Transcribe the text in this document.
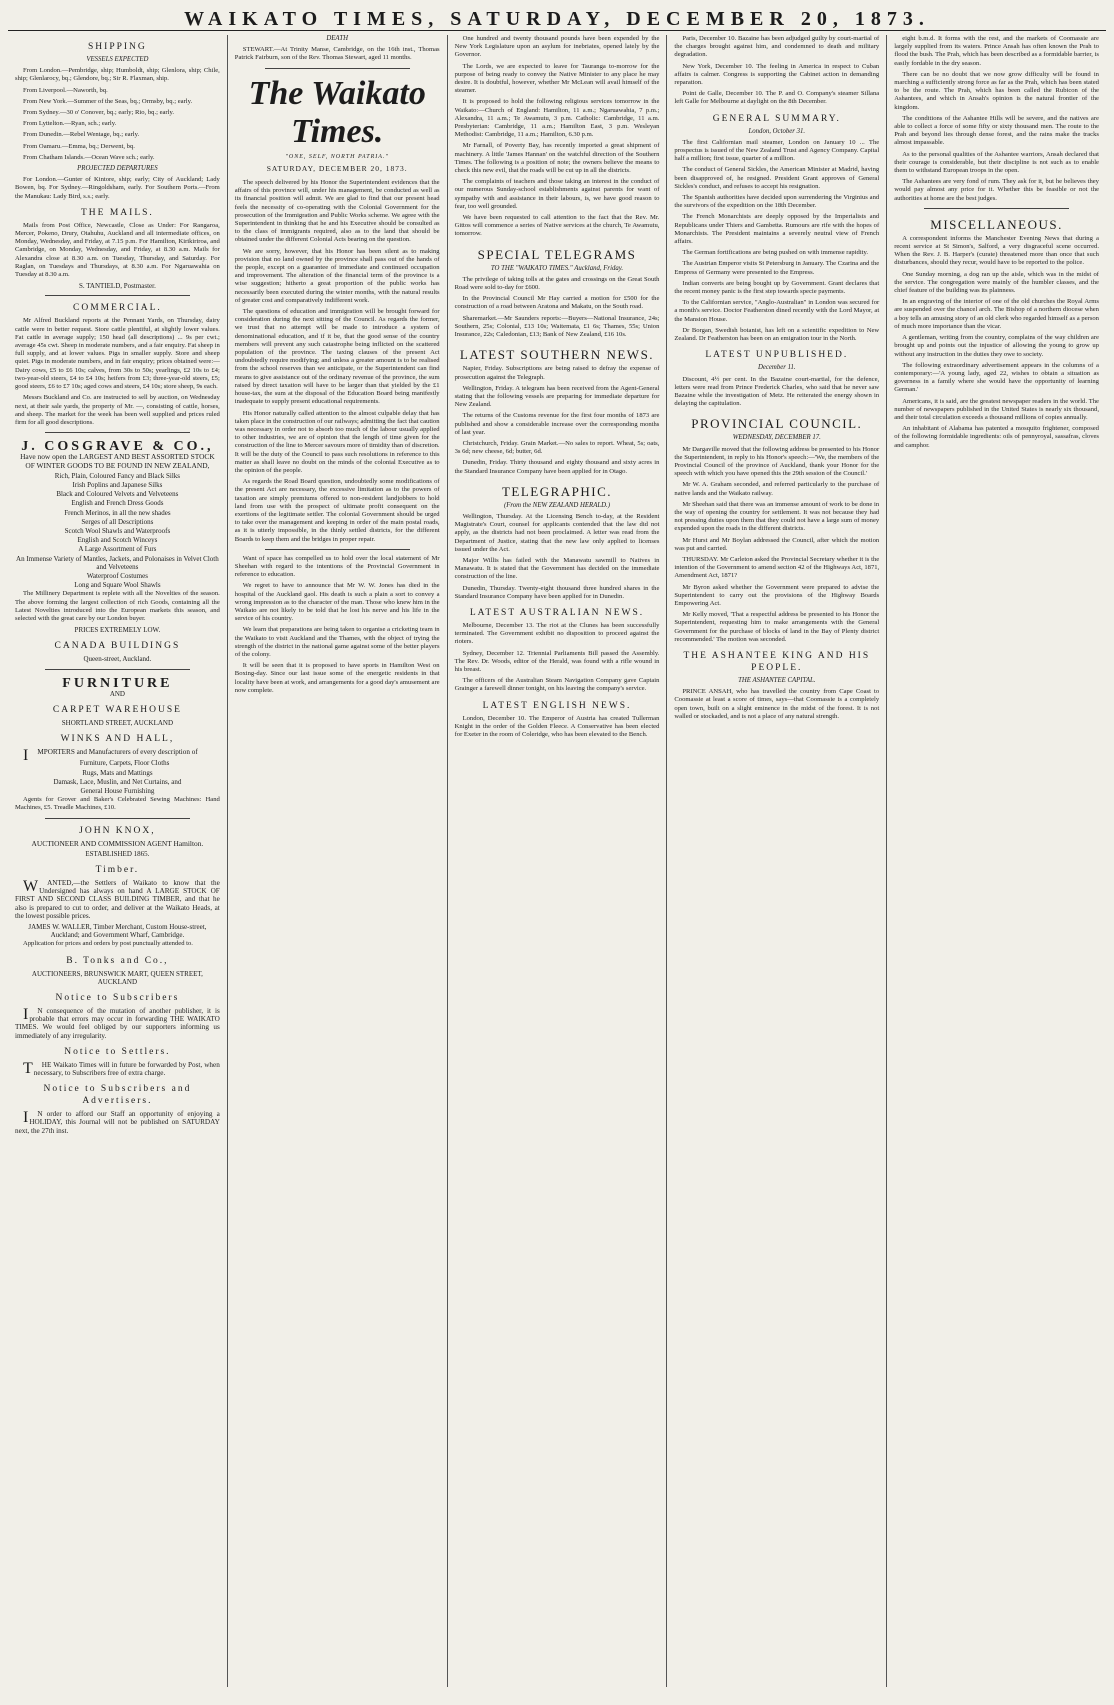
WAIKATO TIMES, SATURDAY, DECEMBER 20, 1873.
SHIPPING
VESSELS EXPECTED

From London.—Pembridge, ship; Humboldt, ship; Glenlora, ship; Chile, ship; Glenlarocy, bq.; Glendore, bq.; Sir R. Flaxman, ship.

From Liverpool.—Naworth, bq.

From New York.—Summer of the Seas, bq.; Ormsby, bq.; early.

From Sydney.—30 o' Conover, bq.; early; Rio, bq.; early.

From Lyttelton.—Ryan, sch.; early.

From Dunedin.—Rebel Wentage, bq.; early.

From Oamaru.—Emma, bq.; Derwent, bq.

From Chatham Islands.—Ocean Wave sch.; early.

PROJECTED DEPARTURES

For London.—Gunter of Kintore, ship; early; City of Auckland; Lady Bowen, bq. For Sydney.—Ringoldsham, early. For Southern Ports.—From the Manukau: Lady Bird, s.s.; early.

THE MAILS.

Mails from Post Office, Newcastle, Close as Under: For Rangaroa, Mercer, Pokeno, Drury, Otahuhu, Auckland and all intermediate offices, on Monday, Wednesday, and Friday, at 7.15 p.m. For Hamilton, Kirikiriroa, and Cambridge, on Monday, Wednesday, and Friday, at 8.30 a.m. Mails for Alexandra close at 8.30 a.m. on Tuesday, Thursday, and Saturday. For Raglan, on Tuesdays and Thursdays, at 8.30 a.m. For Ngaruawahia on Tuesday at 8.30 a.m.

S. TANTIELD, Postmaster.
COMMERCIAL.

Mr Alfred Buckland reports at the Pennant Yards, on Thursday, dairy cattle were in better request. Store cattle plentiful, at slightly lower values. Fat cattle in average supply; 150 head (all descriptions) ... 9s per cwt.; average 45s cwt. Sheep in moderate numbers, and a fair enquiry. Fat sheep in full supply, and at lower values. Pigs in smaller supply. Store and sheep quiet. Pigs in moderate numbers, and in fair enquiry; prices obtained were:—Dairy cows, £5 to £6 10s; calves, from 30s to 50s; yearlings, £2 10s to £4; two-year-old steers, £4 to £4 10s; heifers from £3; three-year-old steers, £5; good steers, £6 to £7 10s; aged cows and steers, £4 10s; store sheep, 9s each.

Messrs Buckland and Co. are instructed to sell by auction, on Wednesday next, at their sale yards, the property of Mr. —, consisting of cattle, horses, and sheep. The market for the week has been well supplied and prices ruled firm for all good descriptions.

J. COSGRAVE & CO.,
Have now open the LARGEST AND BEST ASSORTED STOCK OF WINTER GOODS TO BE FOUND IN NEW ZEALAND,
Rich, Plain, Coloured Fancy and Black Silks
Irish Poplins and Japanese Silks
Black and Coloured Velvets and Velveteens
English and French Dress Goods
French Merinos, in all the new shades
Serges of all Descriptions
Scotch Wool Shawls and Waterproofs
English and Scotch Winceys
A Large Assortment of Furs
An Immense Variety of Mantles, Jackets, and Polonaises in Velvet Cloth and Velveteens
Waterproof Costumes
Long and Square Wool Shawls

The Millinery Department is replete with all the Novelties of the season. The above forming the largest collection of rich Goods, containing all the Latest Novelties introduced into the European markets this season, and selected with the great care by our London buyer.

PRICES EXTREMELY LOW.
CANADA BUILDINGS
Queen-street, Auckland.
FURNITURE
AND
CARPET WAREHOUSE
SHORTLAND STREET, AUCKLAND
WINKS AND HALL,

IMPORTERS and Manufacturers of every description of

Furniture, Carpets, Floor Cloths
Rugs, Mats and Mattings
Damask, Lace, Muslin, and Net Curtains, and
General House Furnishing

Agents for Grover and Baker's Celebrated Sewing Machines: Hand Machines, £5. Treadle Machines, £10.

JOHN KNOX,
AUCTIONEER AND COMMISSION AGENT Hamilton.
ESTABLISHED 1865.
Timber.

WANTED,—the Settlers of Waikato to know that the Undersigned has always on hand A LARGE STOCK OF FIRST AND SECOND CLASS BUILDING TIMBER, and that he also is prepared to cut to order, and deliver at the Waikato Heads, at the lowest possible prices.

JAMES W. WALLER, Timber Merchant, Custom House-street, Auckland; and Government Wharf, Cambridge.

Application for prices and orders by post punctually attended to.

B. Tonks and Co.,
AUCTIONEERS, BRUNSWICK MART, QUEEN STREET, AUCKLAND
Notice to Subscribers

IN consequence of the mutation of another publisher, it is probable that errors may occur in forwarding THE WAIKATO TIMES. We would feel obliged by our supporters informing us immediately of any irregularity.

Notice to Settlers.

THE Waikato Times will in future be forwarded by Post, when necessary, to Subscribers free of extra charge.

Notice to Subscribers and Advertisers.

IN order to afford our Staff an opportunity of enjoying a HOLIDAY, this Journal will not be published on SATURDAY next, the 27th inst.

DEATH

STEWART.—At Trinity Manse, Cambridge, on the 16th inst., Thomas Patrick Fairburn, son of the Rev. Thomas Stewart, aged 11 months.

The Waikato Times.
"ONE, SELF, NORTH PATRIA."
SATURDAY, DECEMBER 20, 1873.

The speech delivered by his Honor the Superintendent evidences that the affairs of this province will, under his management, be conducted as well as its financial position will admit. We are glad to find that our present head feels the necessity of co-operating with the Colonial Government for the prosecution of the Immigration and Public Works scheme. We agree with the Superintendent in thinking that he and his Executive should be consulted as to the class of immigrants required, also as to the land that should be obtained under the different Colonial Acts bearing on the question.

We are sorry, however, that his Honor has been silent as to making provision that no land owned by the province shall pass out of the hands of the people, except on a guarantee of immediate and continued occupation and improvement. The alteration of the financial term of the province is a wise suggestion; hitherto a great proportion of the public works has necessarily been executed during the winter months, with the natural results of greater cost and comparatively indifferent work.

The questions of education and immigration will be brought forward for consideration during the next sitting of the Council. As regards the former, we trust that no attempt will be made to introduce a system of denominational education, and if it be, that the good sense of the country members will prevent any such catastrophe being inflicted on the scattered population of the province. The taxing clauses of the present Act undoubtedly require modifying; and unless a greater amount is to be realised from the school reserves than we anticipate, or the Superintendent can find means to give assistance out of the ordinary revenue of the province, the sum raised by direct taxation will have to be larger than that yielded by the £1 house-tax, the sum at the disposal of the Education Board being manifestly inadequate to supply present educational requirements.

His Honor naturally called attention to the almost culpable delay that has taken place in the construction of our railways; admitting the fact that caution was necessary in order not to absorb too much of the labour usually applied to other industries, we are of opinion that the length of time given for the construction of the line to Mercer savours more of timidity than of discretion. It will be the duty of the Council to pass such resolutions in reference to this matter as shall leave no doubt on the minds of the colonial Executive as to the opinion of the people.

As regards the Road Board question, undoubtedly some modifications of the present Act are necessary, the excessive limitation as to the powers of taxation are simply premiums offered to non-resident landjobbers to hold land from use with the prospect of ultimate profit consequent on the exertions of the legitimate settler. The colonial Government should be urged to take over the management and keeping in order of the main postal roads, as it is utterly impossible, in the thinly settled districts, for the different Boards to keep them and the bridges in proper repair.

Want of space has compelled us to hold over the local statement of Mr Sheehan with regard to the intentions of the Provincial Government in reference to education.

We regret to have to announce that Mr W. W. Jones has died in the hospital of the Auckland gaol. His death is such a plain a sort to convey a wrong impression as to the character of the man. Those who knew him in the Waikato are not likely to be told that he lost his nerve and his life in the service of his country.

We learn that preparations are being taken to organise a cricketing team in the Waikato to visit Auckland and the Thames, with the object of trying the strength of the district in the national game against some of the better players of the colony.

It will be seen that it is proposed to have sports in Hamilton West on Boxing-day. Since our last issue some of the energetic residents in that locality have been at work, and arrangements for a good day's amusement are now complete.

One hundred and twenty thousand pounds have been expended by the New York Legislature upon an asylum for inebriates, opened lately by the Governor.

The Lords, we are expected to leave for Tauranga to-morrow for the purpose of being ready to convey the Native Minister to any place he may desire. It is doubtful, however, whether Mr McLean will avail himself of the steamer.

It is proposed to hold the following religious services tomorrow in the Waikato:—Church of England: Hamilton, 11 a.m.; Ngaruawahia, 7 p.m.; Alexandra, 11 a.m.; Te Awamutu, 3 p.m. Catholic: Cambridge, 11 a.m. Presbyterian: Cambridge, 11 a.m.; Hamilton East, 3 p.m. Wesleyan Methodist: Cambridge, 11 a.m.; Hamilton, 6.30 p.m.

Mr Farnall, of Poverty Bay, has recently imported a great shipment of machinery. A little 'James Hannan' on the watchful direction of the Southern Times. The following is a position of note; the owners believe the means to check this new evil, that the roads will be cut up in all the districts.

The complaints of teachers and those taking an interest in the conduct of our numerous Sunday-school establishments against parents for want of sympathy with and assistance in their labours, is, we have good reason to fear, too well grounded.

We have been requested to call attention to the fact that the Rev. Mr. Gittos will commence a series of Native services at the church, Te Awamutu, tomorrow.

SPECIAL TELEGRAMS
TO THE "WAIKATO TIMES." Auckland, Friday.

The privilege of taking tolls at the gates and crossings on the Great South Road were sold to-day for £600.

In the Provincial Council Mr Hay carried a motion for £500 for the construction of a road between Aratona and Makatu, on the South road.

Sharemarket.—Mr Saunders reports:—Buyers—National Insurance, 24s; Southern, 25s; Colonial, £13 10s; Waitemata, £1 6s; Thames, 55s; Union Insurance, 22s; Caledonian, £13; Bank of New Zealand, £16 10s.

LATEST SOUTHERN NEWS.

Napier, Friday. Subscriptions are being raised to defray the expense of prosecution against the Telegraph.

Wellington, Friday. A telegram has been received from the Agent-General stating that the following vessels are preparing for immediate departure for New Zealand.

The returns of the Customs revenue for the first four months of 1873 are published and show a considerable increase over the corresponding months of last year.

Christchurch, Friday. Grain Market.—No sales to report. Wheat, 5s; oats, 3s 6d; new cheese, 6d; butter, 6d.

Dunedin, Friday. Thirty thousand and eighty thousand and sixty acres in the Standard Insurance Company have been applied for in Otago.

TELEGRAPHIC.
(From the NEW ZEALAND HERALD.)

Wellington, Thursday. At the Licensing Bench to-day, at the Resident Magistrate's Court, counsel for applicants contended that the law did not apply, as the districts had not been proclaimed. A letter was read from the Department of Justice, stating that the new law only applied to licenses issued under the Act.

Major Willis has failed with the Manawatu sawmill to Natives in Manawatu. It is stated that the Government has decided on the immediate construction of the line.

Dunedin, Thursday. Twenty-eight thousand three hundred shares in the Standard Insurance Company have been applied for in Dunedin.

LATEST AUSTRALIAN NEWS.

Melbourne, December 13. The riot at the Clunes has been successfully terminated. The Government exhibit no disposition to proceed against the rioters.

Sydney, December 12. Triennial Parliaments Bill passed the Assembly. The Rev. Dr. Woods, editor of the Herald, was found with a rifle wound in his breast.

The officers of the Australian Steam Navigation Company gave Captain Grainger a farewell dinner tonight, on his leaving the company's service.

LATEST ENGLISH NEWS.

London, December 10. The Emperor of Austria has created Tullerman Knight in the order of the Golden Fleece. A Conservative has been elected for Exeter in the room of Coleridge, who has been elevated to the Bench.

Paris, December 10. Bazaine has been adjudged guilty by court-martial of the charges brought against him, and condemned to death and military degradation.

New York, December 10. The feeling in America in respect to Cuban affairs is calmer. Congress is supporting the Cabinet action in demanding reparation.

Point de Galle, December 10. The P. and O. Company's steamer Sillana left Galle for Melbourne at daylight on the 8th December.

GENERAL SUMMARY.
London, October 31.

The first Californian mail steamer, London on January 10 ... The prospectus is issued of the New Zealand Trust and Agency Company. Capital half a million; first issue, quarter of a million.

The conduct of General Sickles, the American Minister at Madrid, having been disapproved of, he resigned. President Grant approves of General Sickles's conduct, and refuses to accept his resignation.

The Spanish authorities have decided upon surrendering the Virginius and the survivors of the expedition on the 18th December.

The French Monarchists are deeply opposed by the Imperialists and Republicans under Thiers and Gambetta. Rumours are rife with the hopes of Monarchists. The President maintains a severely neutral view of French affairs.

The German fortifications are being pushed on with immense rapidity.

The Austrian Emperor visits St Petersburg in January. The Czarina and the Empress of Germany were presented to the Empress.

Indian converts are being bought up by Government. Grant declares that the recent money panic is the first step towards specie payments.

To the Californian service, "Anglo-Australian" in London was secured for a month's service. Doctor Featherston dined recently with the Lord Mayor, at the Mansion House.

Dr Borgan, Swedish botanist, has left on a scientific expedition to New Zealand. Dr Featherston has been on an emigration tour in the North.

LATEST UNPUBLISHED.
December 11.

Discount, 4½ per cent. In the Bazaine court-martial, for the defence, letters were read from Prince Frederick Charles, who said that he never saw Bazaine while the investigation of Metz. He reiterated the energy shown in delaying the capitulation.

PROVINCIAL COUNCIL.
WEDNESDAY, DECEMBER 17.

Mr Dargaville moved that the following address be presented to his Honor the Superintendent, in reply to his Honor's speech:—'We, the members of the Provincial Council of the province of Auckland, thank your Honor for the speech with which you have opened this the 29th session of the Council.'

Mr W. A. Graham seconded, and referred particularly to the purchase of native lands and the Waikato railway.

Mr Sheehan said that there was an immense amount of work to be done in the way of opening the country for settlement. It was not because they had not pressing duties upon them that they could not have a large sum of money expended upon the roads in the different districts.

Mr Hurst and Mr Boylan addressed the Council, after which the motion was put and carried.

THURSDAY. Mr Carleton asked the Provincial Secretary whether it is the intention of the Government to amend section 42 of the Highways Act, 1871, Amendment Act, 1871?

Mr Byron asked whether the Government were prepared to advise the Superintendent to carry out the provisions of the Highway Boards Empowering Act.

Mr Kelly moved, 'That a respectful address be presented to his Honor the Superintendent, requesting him to make arrangements with the General Government for the purchase of blocks of land in the Bay of Plenty district recommended.' The motion was seconded.

THE ASHANTEE KING AND HIS PEOPLE.
THE ASHANTEE CAPITAL.

PRINCE ANSAH, who has travelled the country from Cape Coast to Coomassie at least a score of times, says—that Coomassie is a completely open town, built on a slight eminence in the midst of the forest. It is not walled or stockaded, and is not a place of any natural strength.

eight b.m.d. It forms with the rest, and the markets of Coomassie are largely supplied from its waters. Prince Ansah has often known the Prah to flood the bush. The Prah, which has been described as a formidable barrier, is easily fordable in the dry season.

There can be no doubt that we now grow difficulty will be found in marching a sufficiently strong force as far as the Prah, which has been stated to be the route. The Prah, which has been called the Rubicon of the Ashantees, and which in Ansah's opinion is the natural frontier of the kingdom.

The conditions of the Ashantee Hills will be severe, and the natives are able to collect a force of some fifty or sixty thousand men. The route to the Prah and beyond lies through dense forest, and the rains make the tracks almost impassable.

As to the personal qualities of the Ashantee warriors, Ansah declared that their courage is considerable, but their discipline is not such as to enable them to withstand European troops in the open.

The Ashantees are very fond of rum. They ask for it, but he believes they would pay almost any price for it. Whether this be feasible or not the authorities at home are the best judges.

MISCELLANEOUS.

A correspondent informs the Manchester Evening News that during a recent service at St Simon's, Salford, a very disgraceful scene occurred. When the Rev. J. B. Harper's (curate) threatened more than once that such disturbances, should they recur, would have to be reported to the police.

One Sunday morning, a dog ran up the aisle, which was in the midst of the service. The congregation were mainly of the humbler classes, and the chief feature of the building was its plainness.

In an engraving of the interior of one of the old churches the Royal Arms are suspended over the chancel arch. The Bishop of a northern diocese when a boy tells an amusing story of an old clerk who regarded himself as a person of much more importance than the vicar.

A gentleman, writing from the country, complains of the way children are brought up and points out the injustice of allowing the young to grow up without any instruction in the duties they owe to society.

The following extraordinary advertisement appears in the columns of a contemporary:—'A young lady, aged 22, wishes to obtain a situation as governess in a family where she would have the opportunity of learning German.'

Americans, it is said, are the greatest newspaper readers in the world. The number of newspapers published in the United States is nearly six thousand, and their total circulation exceeds a thousand millions of copies annually.

An inhabitant of Alabama has patented a mosquito frightener, composed of the following formidable ingredients: oils of pennyroyal, sassafras, cloves and camphor.
